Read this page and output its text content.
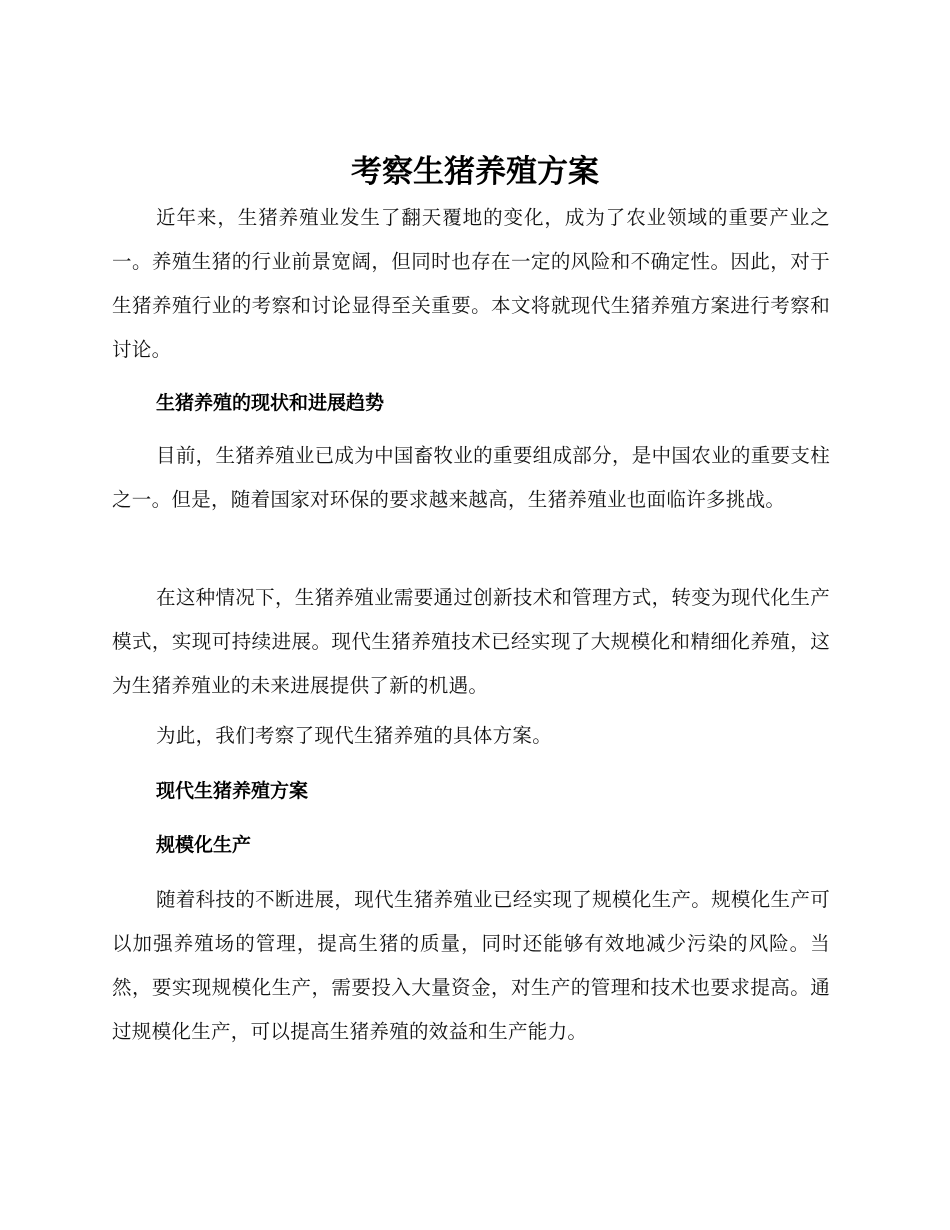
考察生猪养殖方案

近年来，生猪养殖业发生了翻天覆地的变化，成为了农业领域的重要产业之一。养殖生猪的行业前景宽阔，但同时也存在一定的风险和不确定性。因此，对于生猪养殖行业的考察和讨论显得至关重要。本文将就现代生猪养殖方案进行考察和讨论。

生猪养殖的现状和进展趋势

目前，生猪养殖业已成为中国畜牧业的重要组成部分，是中国农业的重要支柱之一。但是，随着国家对环保的要求越来越高，生猪养殖业也面临许多挑战。

在这种情况下，生猪养殖业需要通过创新技术和管理方式，转变为现代化生产模式，实现可持续进展。现代生猪养殖技术已经实现了大规模化和精细化养殖，这为生猪养殖业的未来进展提供了新的机遇。

为此，我们考察了现代生猪养殖的具体方案。

现代生猪养殖方案
规模化生产

随着科技的不断进展，现代生猪养殖业已经实现了规模化生产。规模化生产可以加强养殖场的管理，提高生猪的质量，同时还能够有效地减少污染的风险。当然，要实现规模化生产，需要投入大量资金，对生产的管理和技术也要求提高。通过规模化生产，可以提高生猪养殖的效益和生产能力。
